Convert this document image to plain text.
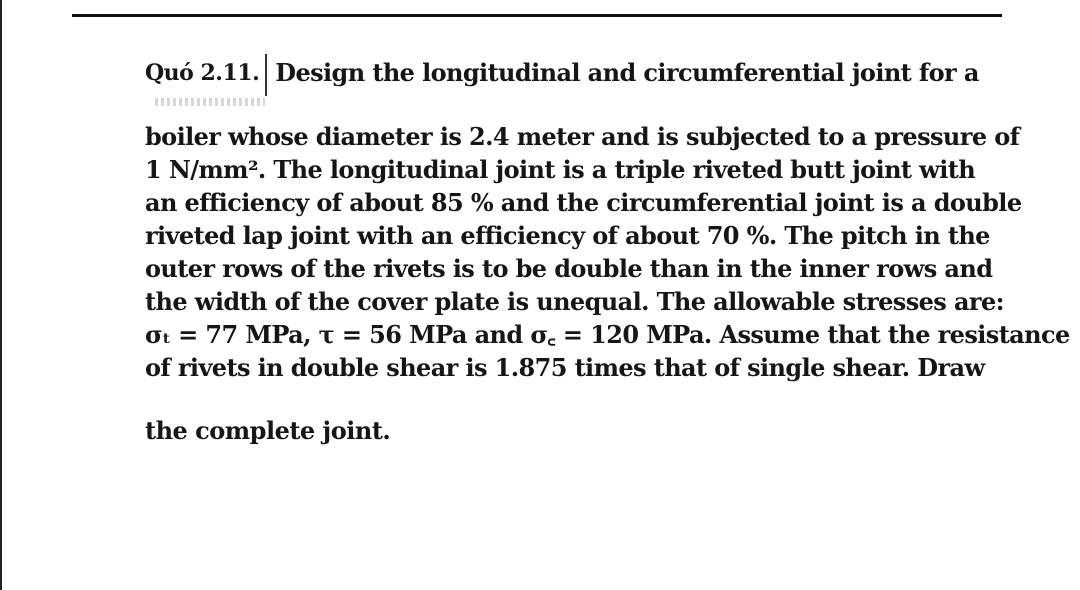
Quó 2.11. Design the longitudinal and circumferential joint for a
boiler whose diameter is 2.4 meter and is subjected to a pressure of
1 N/mm². The longitudinal joint is a triple riveted butt joint with
an efficiency of about 85 % and the circumferential joint is a double
riveted lap joint with an efficiency of about 70 %. The pitch in the
outer rows of the rivets is to be double than in the inner rows and
the width of the cover plate is unequal. The allowable stresses are:
σₜ = 77 MPa, τ = 56 MPa and σ꜀ = 120 MPa. Assume that the resistance
of rivets in double shear is 1.875 times that of single shear. Draw
the complete joint.
